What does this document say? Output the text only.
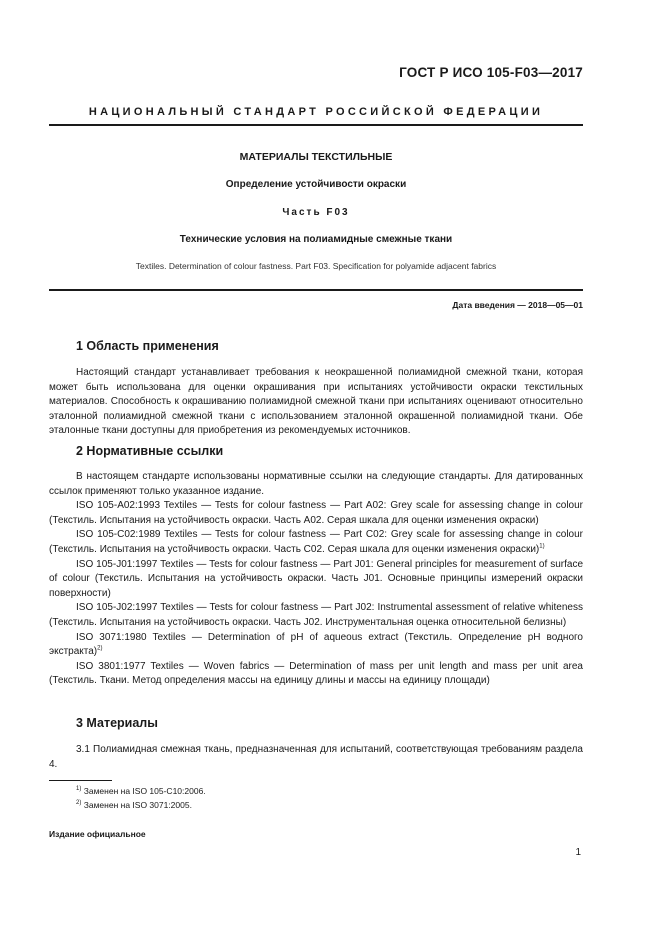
ГОСТ Р ИСО 105-F03—2017
НАЦИОНАЛЬНЫЙ СТАНДАРТ РОССИЙСКОЙ ФЕДЕРАЦИИ
МАТЕРИАЛЫ ТЕКСТИЛЬНЫЕ
Определение устойчивости окраски
Часть F03
Технические условия на полиамидные смежные ткани
Textiles. Determination of colour fastness. Part F03. Specification for polyamide adjacent fabrics
Дата введения — 2018—05—01
1 Область применения

Настоящий стандарт устанавливает требования к неокрашенной полиамидной смежной ткани, которая может быть использована для оценки окрашивания при испытаниях устойчивости окраски текстильных материалов. Способность к окрашиванию полиамидной смежной ткани при испытаниях оценивают относительно эталонной полиамидной смежной ткани с использованием эталонной окрашенной полиамидной ткани. Обе эталонные ткани доступны для приобретения из рекомендуемых источников.

2 Нормативные ссылки

В настоящем стандарте использованы нормативные ссылки на следующие стандарты. Для датированных ссылок применяют только указанное издание.

ISO 105-A02:1993 Textiles — Tests for colour fastness — Part A02: Grey scale for assessing change in colour (Текстиль. Испытания на устойчивость окраски. Часть A02. Серая шкала для оценки изменения окраски)

ISO 105-C02:1989 Textiles — Tests for colour fastness — Part C02: Grey scale for assessing change in colour (Текстиль. Испытания на устойчивость окраски. Часть C02. Серая шкала для оценки изменения окраски)$^{1)}$

ISO 105-J01:1997 Textiles — Tests for colour fastness — Part J01: General principles for measurement of surface of colour (Текстиль. Испытания на устойчивость окраски. Часть J01. Основные принципы измерений окраски поверхности)

ISO 105-J02:1997 Textiles — Tests for colour fastness — Part J02: Instrumental assessment of relative whiteness (Текстиль. Испытания на устойчивость окраски. Часть J02. Инструментальная оценка относительной белизны)

ISO 3071:1980 Textiles — Determination of pH of aqueous extract (Текстиль. Определение pH водного экстракта)$^{2)}$

ISO 3801:1977 Textiles — Woven fabrics — Determination of mass per unit length and mass per unit area (Текстиль. Ткани. Метод определения массы на единицу длины и массы на единицу площади)

3 Материалы

3.1 Полиамидная смежная ткань, предназначенная для испытаний, соответствующая требованиям раздела 4.

$^{1)}$ Заменен на ISO 105-C10:2006.
$^{2)}$ Заменен на ISO 3071:2005.
Издание официальное
1
